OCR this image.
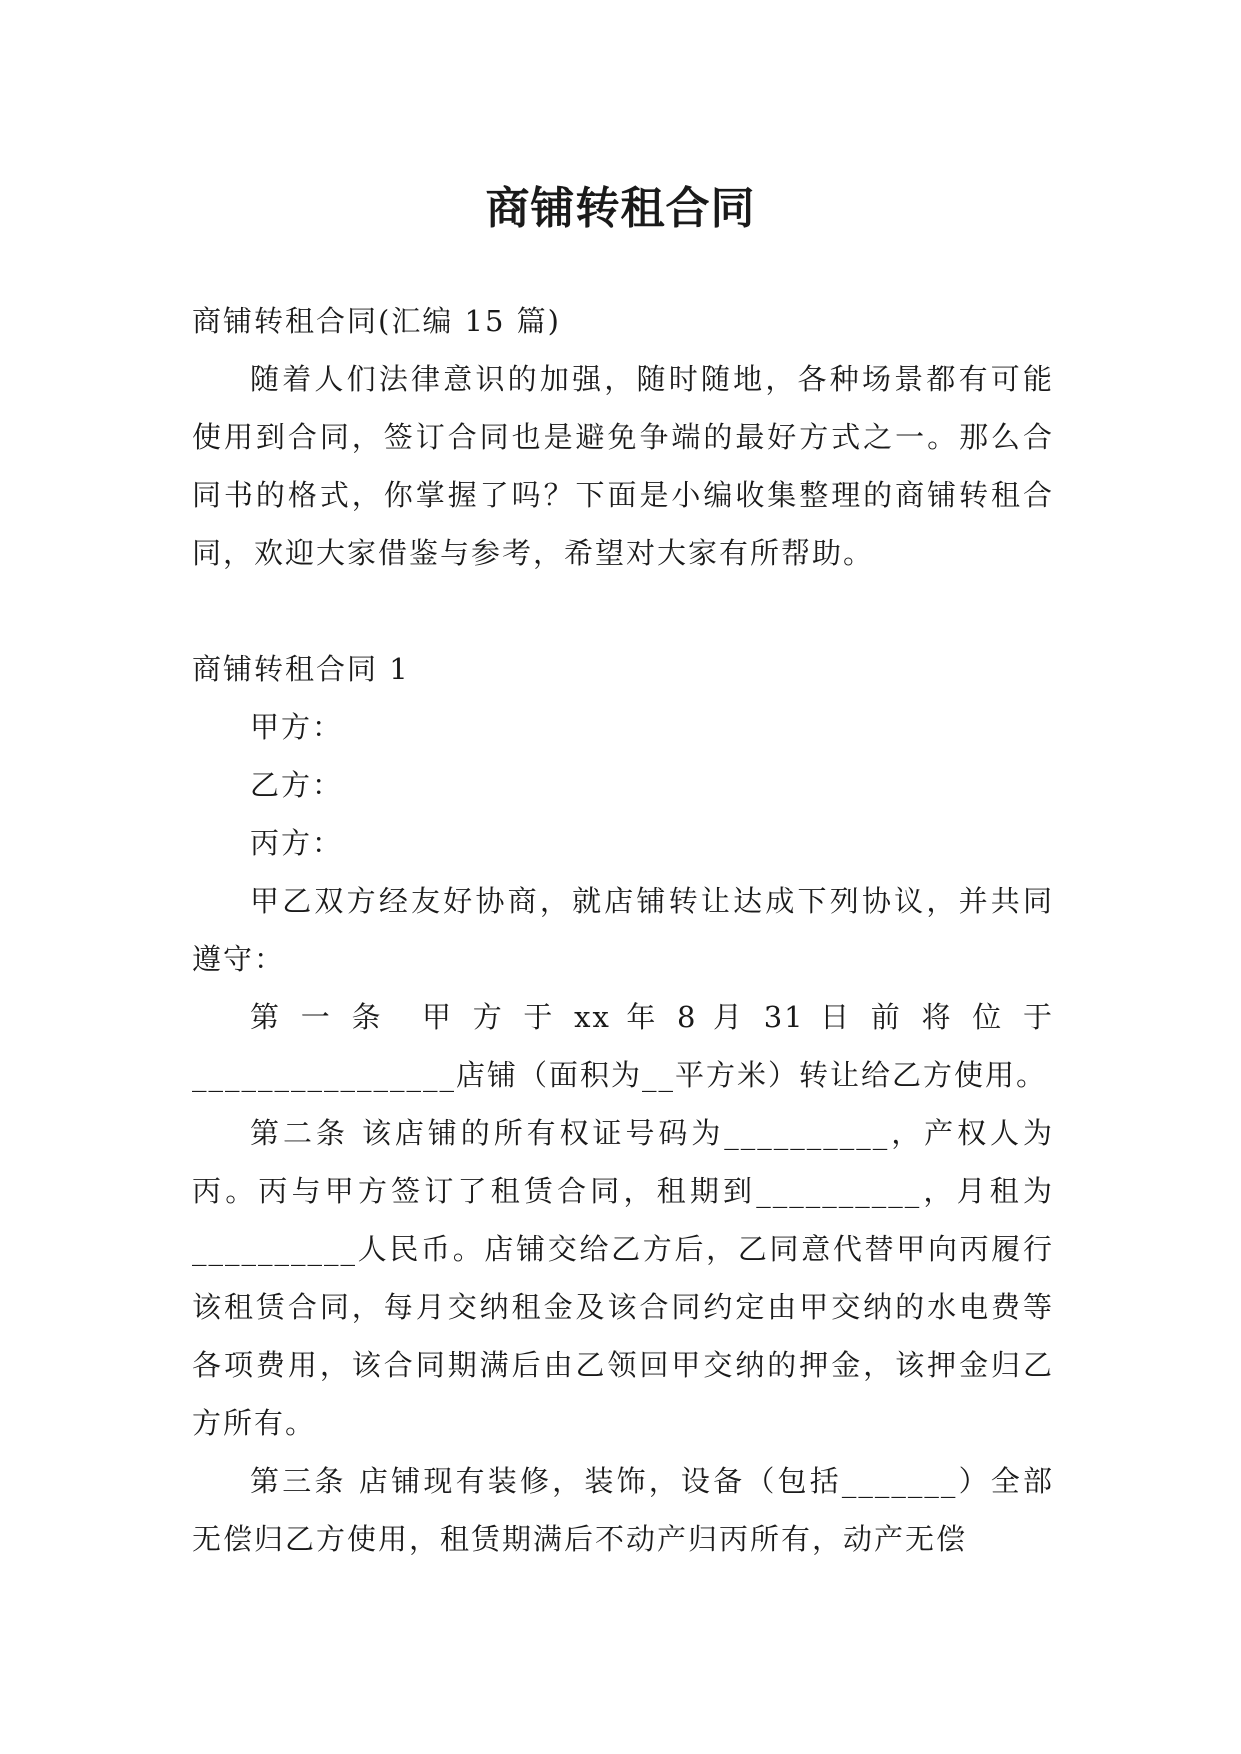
商铺转租合同

商铺转租合同(汇编 15 篇)

随着人们法律意识的加强，随时随地，各种场景都有可能使用到合同，签订合同也是避免争端的最好方式之一。那么合同书的格式，你掌握了吗？下面是小编收集整理的商铺转租合同，欢迎大家借鉴与参考，希望对大家有所帮助。

商铺转租合同 1

甲方：

乙方：

丙方：

甲乙双方经友好协商，就店铺转让达成下列协议，并共同遵守：

第 一 条　甲 方 于 xx 年 8 月 31 日 前 将 位 于

________________店铺（面积为__平方米）转让给乙方使用。

第二条 该店铺的所有权证号码为__________，产权人为丙。丙与甲方签订了租赁合同，租期到__________，月租为__________人民币。店铺交给乙方后，乙同意代替甲向丙履行该租赁合同，每月交纳租金及该合同约定由甲交纳的水电费等各项费用，该合同期满后由乙领回甲交纳的押金，该押金归乙方所有。

第三条 店铺现有装修，装饰，设备（包括_______）全部无偿归乙方使用，租赁期满后不动产归丙所有，动产无偿
